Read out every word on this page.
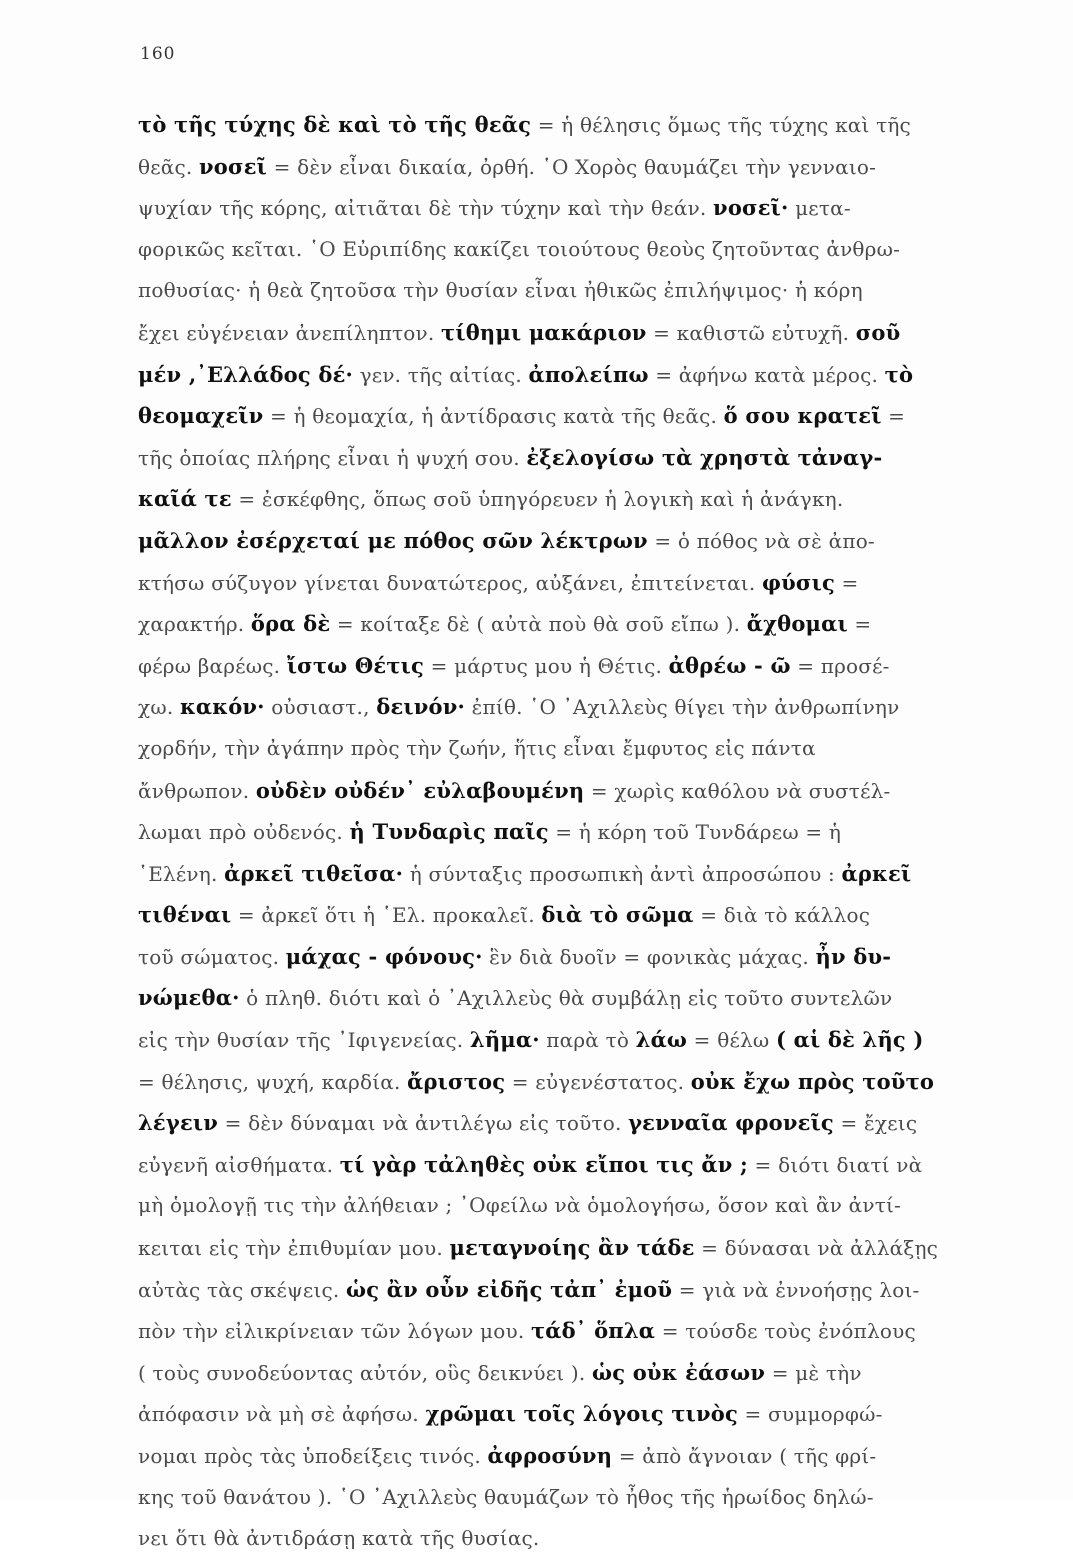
160
τὸ τῆς τύχης δὲ καὶ τὸ τῆς θεᾶς = ἡ θέλησις ὅμως τῆς τύχης καὶ τῆς
θεᾶς. νοσεῖ = δὲν εἶναι δικαία, ὀρθή. ῾Ο Χορὸς θαυμάζει τὴν γενναιο-
ψυχίαν τῆς κόρης, αἰτιᾶται δὲ τὴν τύχην καὶ τὴν θεάν. νοσεῖ· μετα-
φορικῶς κεῖται. ῾Ο Εὐριπίδης κακίζει τοιούτους θεοὺς ζητοῦντας ἀνθρω-
ποθυσίας· ἡ θεὰ ζητοῦσα τὴν θυσίαν εἶναι ἠθικῶς ἐπιλήψιμος· ἡ κόρη
ἔχει εὐγένειαν ἀνεπίληπτον. τίθημι μακάριον = καθιστῶ εὐτυχῆ. σοῦ
μέν ,᾿Ελλάδος δέ· γεν. τῆς αἰτίας. ἀπολείπω = ἀφήνω κατὰ μέρος. τὸ
θεομαχεῖν = ἡ θεομαχία, ἡ ἀντίδρασις κατὰ τῆς θεᾶς. ὅ σου κρατεῖ =
τῆς ὁποίας πλήρης εἶναι ἡ ψυχή σου. ἐξελογίσω τὰ χρηστὰ τἀναγ-
καῖά τε = ἐσκέφθης, ὅπως σοῦ ὑπηγόρευεν ἡ λογικὴ καὶ ἡ ἀνάγκη.
μᾶλλον ἐσέρχεταί με πόθος σῶν λέκτρων = ὁ πόθος νὰ σὲ ἀπο-
κτήσω σύζυγον γίνεται δυνατώτερος, αὐξάνει, ἐπιτείνεται. φύσις =
χαρακτήρ. ὅρα δὲ = κοίταξε δὲ ( αὐτὰ ποὺ θὰ σοῦ εἴπω ). ἄχθομαι =
φέρω βαρέως. ἴστω Θέτις = μάρτυς μου ἡ Θέτις. ἀθρέω - ῶ = προσέ-
χω. κακόν· οὐσιαστ., δεινόν· ἐπίθ. ῾Ο ᾿Αχιλλεὺς θίγει τὴν ἀνθρωπίνην
χορδήν, τὴν ἀγάπην πρὸς τὴν ζωήν, ἥτις εἶναι ἔμφυτος εἰς πάντα
ἄνθρωπον. οὐδὲν οὐδέν᾿ εὐλαβουμένη = χωρὶς καθόλου νὰ συστέλ-
λωμαι πρὸ οὐδενός. ἡ Τυνδαρὶς παῖς = ἡ κόρη τοῦ Τυνδάρεω = ἡ
῾Ελένη. ἀρκεῖ τιθεῖσα· ἡ σύνταξις προσωπικὴ ἀντὶ ἀπροσώπου : ἀρκεῖ
τιθέναι = ἀρκεῖ ὅτι ἡ ῾Ελ. προκαλεῖ. διὰ τὸ σῶμα = διὰ τὸ κάλλος
τοῦ σώματος. μάχας - φόνους· ἓν διὰ δυοῖν = φονικὰς μάχας. ἦν δυ-
νώμεθα· ὁ πληθ. διότι καὶ ὁ ᾿Αχιλλεὺς θὰ συμβάλῃ εἰς τοῦτο συντελῶν
εἰς τὴν θυσίαν τῆς ᾿Ιφιγενείας. λῆμα· παρὰ τὸ λάω = θέλω ( αἱ δὲ λῆς )
= θέλησις, ψυχή, καρδία. ἄριστος = εὐγενέστατος. οὐκ ἔχω πρὸς τοῦτο
λέγειν = δὲν δύναμαι νὰ ἀντιλέγω εἰς τοῦτο. γενναῖα φρονεῖς = ἔχεις
εὐγενῆ αἰσθήματα. τί γὰρ τἀληθὲς οὐκ εἴποι τις ἄν ; = διότι διατί νὰ
μὴ ὁμολογῇ τις τὴν ἀλήθειαν ; ᾿Οφείλω νὰ ὁμολογήσω, ὅσον καὶ ἂν ἀντί-
κειται εἰς τὴν ἐπιθυμίαν μου. μεταγνοίης ἂν τάδε = δύνασαι νὰ ἀλλάξῃς
αὐτὰς τὰς σκέψεις. ὡς ἂν οὖν εἰδῆς τἀπ᾿ ἐμοῦ = γιὰ νὰ ἐννοήσῃς λοι-
πὸν τὴν εἰλικρίνειαν τῶν λόγων μου. τάδ᾿ ὅπλα = τούσδε τοὺς ἐνόπλους
( τοὺς συνοδεύοντας αὐτόν, οὓς δεικνύει ). ὡς οὐκ ἐάσων = μὲ τὴν
ἀπόφασιν νὰ μὴ σὲ ἀφήσω. χρῶμαι τοῖς λόγοις τινὸς = συμμορφώ-
νομαι πρὸς τὰς ὑποδείξεις τινός. ἀφροσύνη = ἀπὸ ἄγνοιαν ( τῆς φρί-
κης τοῦ θανάτου ). ῾Ο ᾿Αχιλλεὺς θαυμάζων τὸ ἦθος τῆς ἡρωίδος δηλώ-
νει ὅτι θὰ ἀντιδράσῃ κατὰ τῆς θυσίας.
